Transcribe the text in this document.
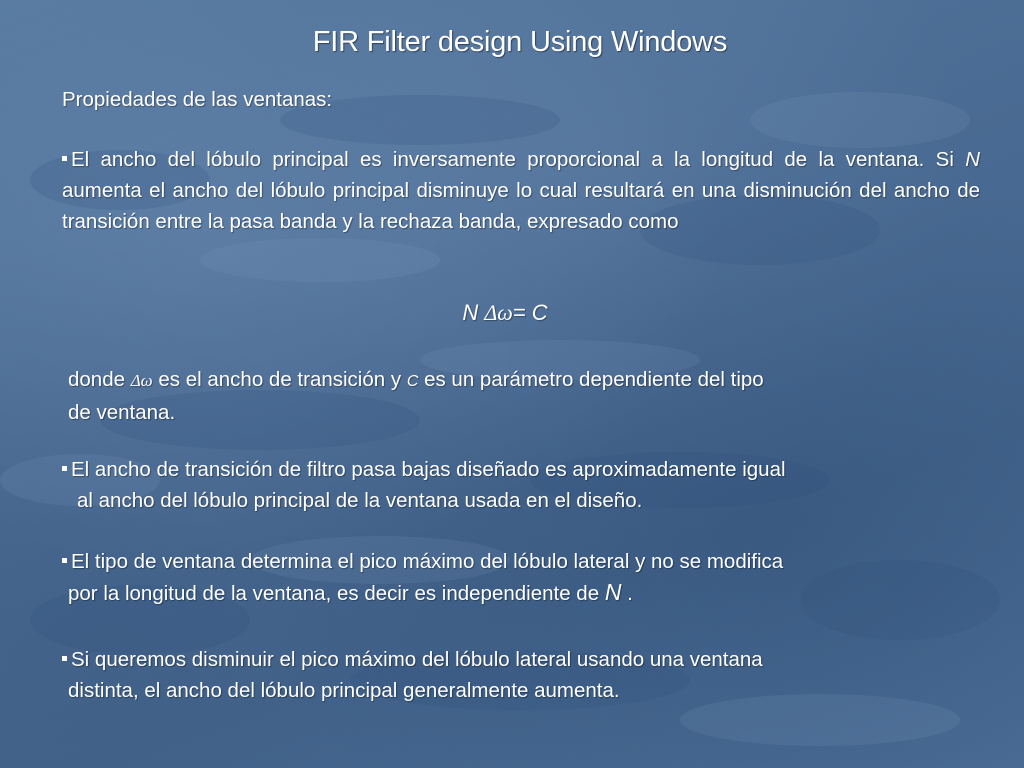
FIR Filter design Using Windows
Propiedades de las ventanas:
El ancho del lóbulo principal es inversamente proporcional a la longitud de la ventana. Si N aumenta el ancho del lóbulo principal disminuye lo cual resultará en una disminución del ancho de transición entre la pasa banda y la rechaza banda, expresado como
N Δω= C
donde Δω es el ancho de transición y C es un parámetro dependiente del tipo
de ventana.
El ancho de transición de filtro pasa bajas diseñado es aproximadamente igual
al ancho del lóbulo principal de la ventana usada en el diseño.
El tipo de ventana determina el pico máximo del lóbulo lateral y no se modifica
por la longitud de la ventana, es decir es independiente de N .
Si queremos disminuir el pico máximo del lóbulo lateral usando una ventana
distinta, el ancho del lóbulo principal generalmente aumenta.
